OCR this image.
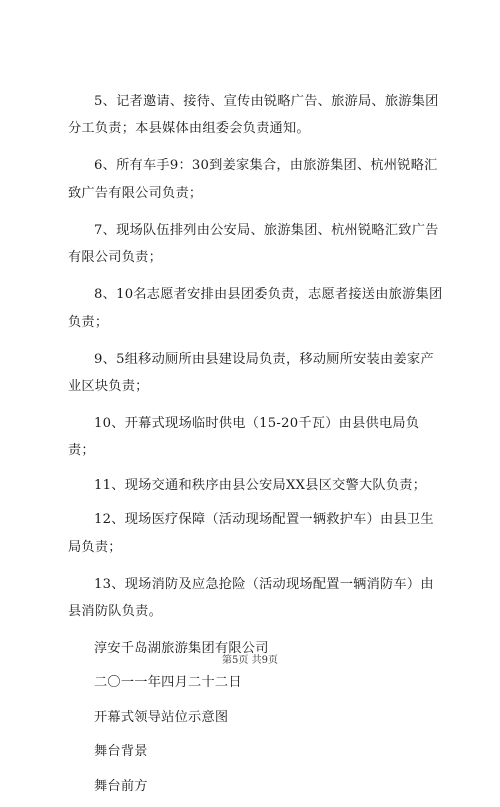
5、记者邀请、接待、宣传由锐略广告、旅游局、旅游集团分工负责；本县媒体由组委会负责通知。

6、所有车手9：30到姜家集合，由旅游集团、杭州锐略汇致广告有限公司负责；

7、现场队伍排列由公安局、旅游集团、杭州锐略汇致广告有限公司负责；

8、10名志愿者安排由县团委负责，志愿者接送由旅游集团负责；

9、5组移动厕所由县建设局负责，移动厕所安装由姜家产业区块负责；

10、开幕式现场临时供电（15-20千瓦）由县供电局负责；

11、现场交通和秩序由县公安局XX县区交警大队负责；

12、现场医疗保障（活动现场配置一辆救护车）由县卫生局负责；

13、现场消防及应急抢险（活动现场配置一辆消防车）由县消防队负责。

淳安千岛湖旅游集团有限公司

二〇一一年四月二十二日

开幕式领导站位示意图

舞台背景

舞台前方

第5页 共9页
